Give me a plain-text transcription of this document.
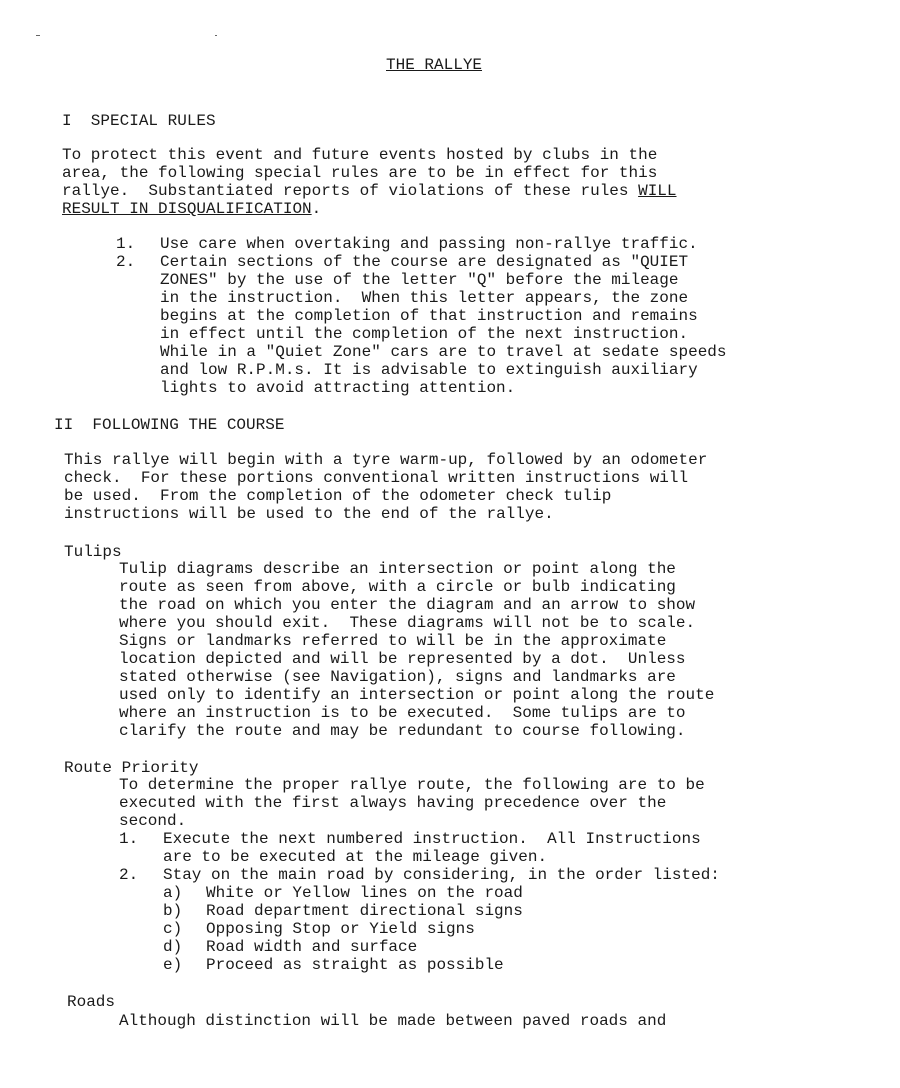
THE RALLYE
I  SPECIAL RULES
To protect this event and future events hosted by clubs in the
area, the following special rules are to be in effect for this
rallye.  Substantiated reports of violations of these rules WILL
RESULT IN DISQUALIFICATION.
1. Use care when overtaking and passing non-rallye traffic.
2. Certain sections of the course are designated as "QUIET
ZONES" by the use of the letter "Q" before the mileage
in the instruction.  When this letter appears, the zone
begins at the completion of that instruction and remains
in effect until the completion of the next instruction.
While in a "Quiet Zone" cars are to travel at sedate speeds
and low R.P.M.s. It is advisable to extinguish auxiliary
lights to avoid attracting attention.
II  FOLLOWING THE COURSE
This rallye will begin with a tyre warm-up, followed by an odometer
check.  For these portions conventional written instructions will
be used.  From the completion of the odometer check tulip
instructions will be used to the end of the rallye.
Tulips
Tulip diagrams describe an intersection or point along the
route as seen from above, with a circle or bulb indicating
the road on which you enter the diagram and an arrow to show
where you should exit.  These diagrams will not be to scale.
Signs or landmarks referred to will be in the approximate
location depicted and will be represented by a dot.  Unless
stated otherwise (see Navigation), signs and landmarks are
used only to identify an intersection or point along the route
where an instruction is to be executed.  Some tulips are to
clarify the route and may be redundant to course following.
Route Priority
To determine the proper rallye route, the following are to be
executed with the first always having precedence over the
second.
1. Execute the next numbered instruction.  All Instructions
are to be executed at the mileage given.
2. Stay on the main road by considering, in the order listed:
a) White or Yellow lines on the road
b) Road department directional signs
c) Opposing Stop or Yield signs
d) Road width and surface
e) Proceed as straight as possible
Roads
Although distinction will be made between paved roads and
